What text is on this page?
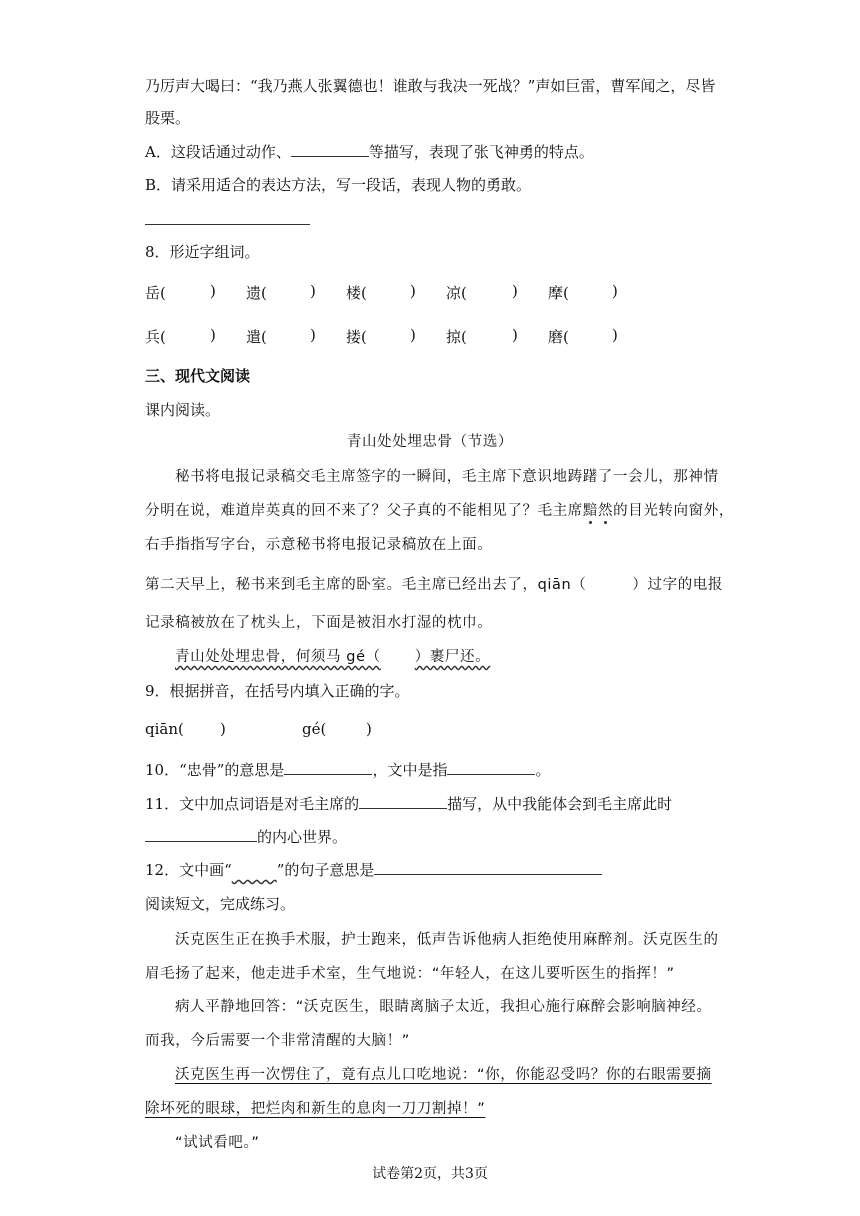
乃厉声大喝曰：“我乃燕人张翼德也！谁敢与我决一死战？”声如巨雷，曹军闻之，尽皆
股栗。
A．这段话通过动作、	等描写，表现了张飞神勇的特点。
B．请采用适合的表达方法，写一段话，表现人物的勇敢。
8．形近字组词。
岳(	) 遗(	) 楼(	) 凉(	) 摩(	)
兵(	) 遣(	) 搂(	) 掠(	) 磨(	)
三、现代文阅读
课内阅读。
青山处处埋忠骨（节选）
秘书将电报记录稿交毛主席签字的一瞬间，毛主席下意识地踌躇了一会儿，那神情
分明在说，难道岸英真的回不来了？父子真的不能相见了？毛主席黯然的目光转向窗外，
右手指指写字台，示意秘书将电报记录稿放在上面。
第二天早上，秘书来到毛主席的卧室。毛主席已经出去了，qiān（	）过字的电报
记录稿被放在了枕头上，下面是被泪水打湿的枕巾。
青山处处埋忠骨，何须马 gé（ ）裹尸还。
9．根据拼音，在括号内填入正确的字。
qiān( )	gé(	)
10．“忠骨”的意思是	，文中是指	。
11．文中加点词语是对毛主席的	描写，从中我能体会到毛主席此时
的内心世界。
12．文中画“______”的句子意思是
阅读短文，完成练习。
沃克医生正在换手术服，护士跑来，低声告诉他病人拒绝使用麻醉剂。沃克医生的
眉毛扬了起来，他走进手术室，生气地说：“年轻人，在这儿要听医生的指挥！”
病人平静地回答：“沃克医生，眼睛离脑子太近，我担心施行麻醉会影响脑神经。
而我，今后需要一个非常清醒的大脑！”
沃克医生再一次愣住了，竟有点儿口吃地说：“你，你能忍受吗？你的右眼需要摘
除坏死的眼球，把烂肉和新生的息肉一刀刀割掉！”
“试试看吧。”
试卷第2页，共3页
